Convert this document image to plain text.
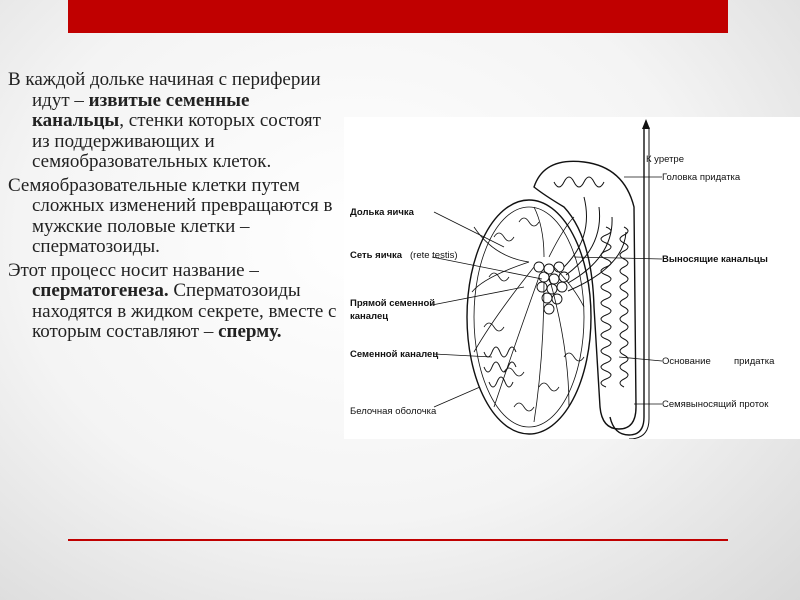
В каждой дольке начиная с периферии идут – извитые семенные канальцы, стенки которых состоят из поддерживающих и семяобразовательных клеток.

Семяобразовательные клетки путем сложных изменений превращаются в мужские половые клетки – сперматозоиды.

Этот процесс носит название – сперматогенеза. Сперматозоиды находятся в жидком секрете, вместе с которым составляют – сперму.

К уретре
Головка придатка
Долька яичка
Сеть яичка (rete testis)
Прямой семенной
каналец
Выносящие канальцы
Семенной каналец
Основание придатка
Белочная оболочка
Семявыносящий проток
